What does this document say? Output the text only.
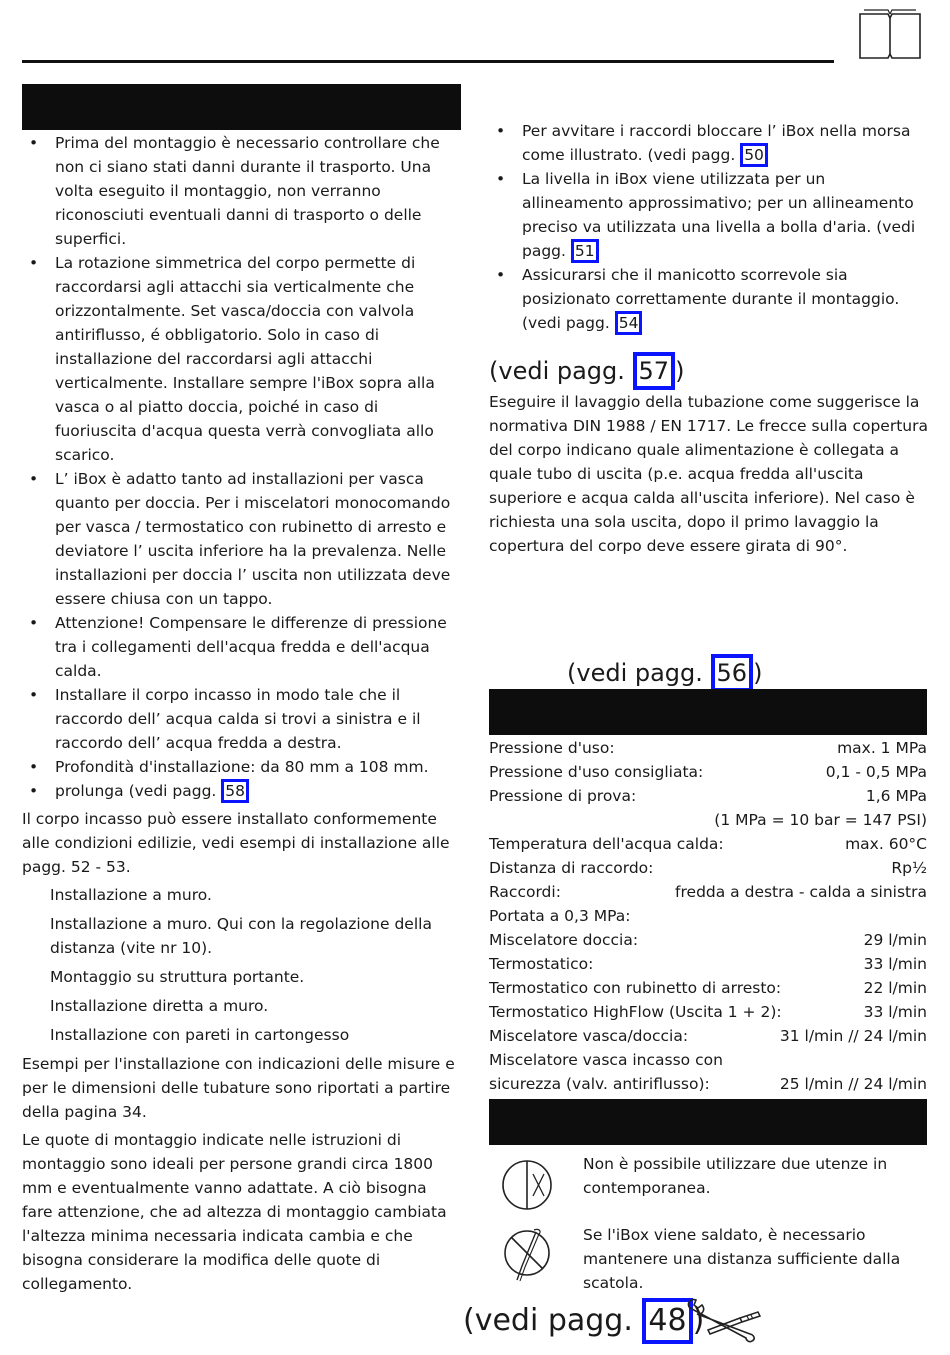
• Prima del montaggio è necessario controllare che non ci siano stati danni durante il trasporto. Una volta eseguito il montaggio, non verranno riconosciuti eventuali danni di trasporto o delle superfici.
• La rotazione simmetrica del corpo permette di raccordarsi agli attacchi sia verticalmente che orizzontalmente. Set vasca/doccia con valvola antiriflusso, é obbligatorio. Solo in caso di installazione del raccordarsi agli attacchi verticalmente. Installare sempre l'iBox sopra alla vasca o al piatto doccia, poiché in caso di fuoriuscita d'acqua questa verrà convogliata allo scarico.
• L’ iBox è adatto tanto ad installazioni per vasca quanto per doccia. Per i miscelatori monocomando per vasca / termostatico con rubinetto di arresto e deviatore l’ uscita inferiore ha la prevalenza. Nelle installazioni per doccia l’ uscita non utilizzata deve essere chiusa con un tappo.
• Attenzione! Compensare le differenze di pressione tra i collegamenti dell'acqua fredda e dell'acqua calda.
• Installare il corpo incasso in modo tale che il raccordo dell’ acqua calda si trovi a sinistra e il raccordo dell’ acqua fredda a destra.
• Profondità d'installazione: da 80 mm a 108 mm.
• prolunga (vedi pagg. 58

Il corpo incasso può essere installato conformemente alle condizioni edilizie, vedi esempi di installazione alle pagg. 52 - 53.

Installazione a muro.
Installazione a muro. Qui con la regolazione della distanza (vite nr 10).
Montaggio su struttura portante.
Installazione diretta a muro.
Installazione con pareti in cartongesso

Esempi per l'installazione con indicazioni delle misure e per le dimensioni delle tubature sono riportati a partire della pagina 34.

Le quote di montaggio indicate nelle istruzioni di montaggio sono ideali per persone grandi circa 1800 mm e eventualmente vanno adattate. A ciò bisogna fare attenzione, che ad altezza di montaggio cambiata l'altezza minima necessaria indicata cambia e che bisogna considerare la modifica delle quote di collegamento.

• Per avvitare i raccordi bloccare l’ iBox nella morsa come illustrato. (vedi pagg. 50
• La livella in iBox viene utilizzata per un allineamento approssimativo; per un allineamento preciso va utilizzata una livella a bolla d'aria. (vedi pagg. 51
• Assicurarsi che il manicotto scorrevole sia posizionato correttamente durante il montaggio. (vedi pagg. 54
(vedi pagg. 57 )

Eseguire il lavaggio della tubazione come suggerisce la normativa DIN 1988 / EN 1717. Le frecce sulla copertura del corpo indicano quale alimentazione è collegata a quale tubo di uscita (p.e. acqua fredda all'uscita superiore e acqua calda all'uscita inferiore). Nel caso è richiesta una sola uscita, dopo il primo lavaggio la copertura del corpo deve essere girata di 90°.

(vedi pagg. 56 )
Pressione d'uso:	max. 1 MPa
Pressione d'uso consigliata:	0,1 - 0,5 MPa
Pressione di prova:	1,6 MPa
(1 MPa = 10 bar = 147 PSI)
Temperatura dell'acqua calda:	max. 60°C
Distanza di raccordo:	Rp½
Raccordi:	fredda a destra - calda a sinistra
Portata a 0,3 MPa:
Miscelatore doccia:	29 l/min
Termostatico:	33 l/min
Termostatico con rubinetto di arresto:	22 l/min
Termostatico HighFlow (Uscita 1 + 2):	33 l/min
Miscelatore vasca/doccia:	31 l/min // 24 l/min
Miscelatore vasca incasso con
sicurezza (valv. antiriflusso):	25 l/min // 24 l/min
Non è possibile utilizzare due utenze in contemporanea.
Se l'iBox viene saldato, è necessario mantenere una distanza sufficiente dalla scatola.
(vedi pagg. 48 )
